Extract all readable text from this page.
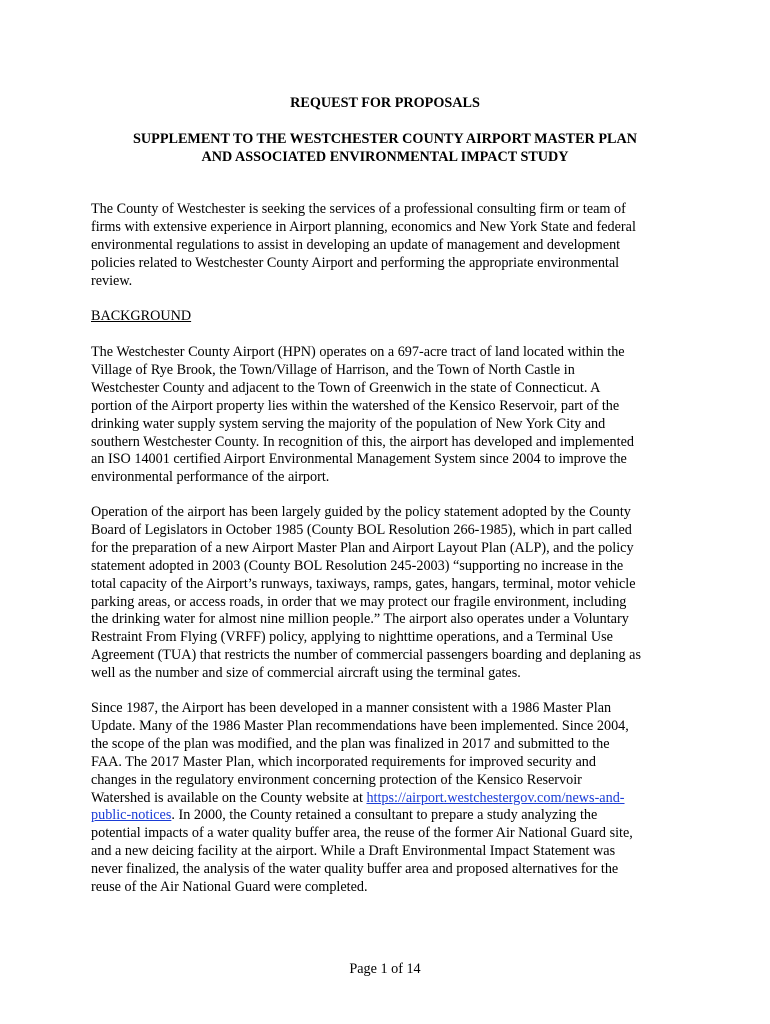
REQUEST FOR PROPOSALS
SUPPLEMENT TO THE WESTCHESTER COUNTY AIRPORT MASTER PLAN
AND ASSOCIATED ENVIRONMENTAL IMPACT STUDY

The County of Westchester is seeking the services of a professional consulting firm or team of
firms with extensive experience in Airport planning, economics and New York State and federal
environmental regulations to assist in developing an update of management and development
policies related to Westchester County Airport and performing the appropriate environmental
review.

BACKGROUND

The Westchester County Airport (HPN) operates on a 697-acre tract of land located within the
Village of Rye Brook, the Town/Village of Harrison, and the Town of North Castle in
Westchester County and adjacent to the Town of Greenwich in the state of Connecticut. A
portion of the Airport property lies within the watershed of the Kensico Reservoir, part of the
drinking water supply system serving the majority of the population of New York City and
southern Westchester County. In recognition of this, the airport has developed and implemented
an ISO 14001 certified Airport Environmental Management System since 2004 to improve the
environmental performance of the airport.

Operation of the airport has been largely guided by the policy statement adopted by the County
Board of Legislators in October 1985 (County BOL Resolution 266-1985), which in part called
for the preparation of a new Airport Master Plan and Airport Layout Plan (ALP), and the policy
statement adopted in 2003 (County BOL Resolution 245-2003) “supporting no increase in the
total capacity of the Airport’s runways, taxiways, ramps, gates, hangars, terminal, motor vehicle
parking areas, or access roads, in order that we may protect our fragile environment, including
the drinking water for almost nine million people.” The airport also operates under a Voluntary
Restraint From Flying (VRFF) policy, applying to nighttime operations, and a Terminal Use
Agreement (TUA) that restricts the number of commercial passengers boarding and deplaning as
well as the number and size of commercial aircraft using the terminal gates.

Since 1987, the Airport has been developed in a manner consistent with a 1986 Master Plan
Update. Many of the 1986 Master Plan recommendations have been implemented. Since 2004,
the scope of the plan was modified, and the plan was finalized in 2017 and submitted to the
FAA. The 2017 Master Plan, which incorporated requirements for improved security and
changes in the regulatory environment concerning protection of the Kensico Reservoir
Watershed is available on the County website at https://airport.westchestergov.com/news-and-
public-notices. In 2000, the County retained a consultant to prepare a study analyzing the
potential impacts of a water quality buffer area, the reuse of the former Air National Guard site,
and a new deicing facility at the airport. While a Draft Environmental Impact Statement was
never finalized, the analysis of the water quality buffer area and proposed alternatives for the
reuse of the Air National Guard were completed.

Page 1 of 14
